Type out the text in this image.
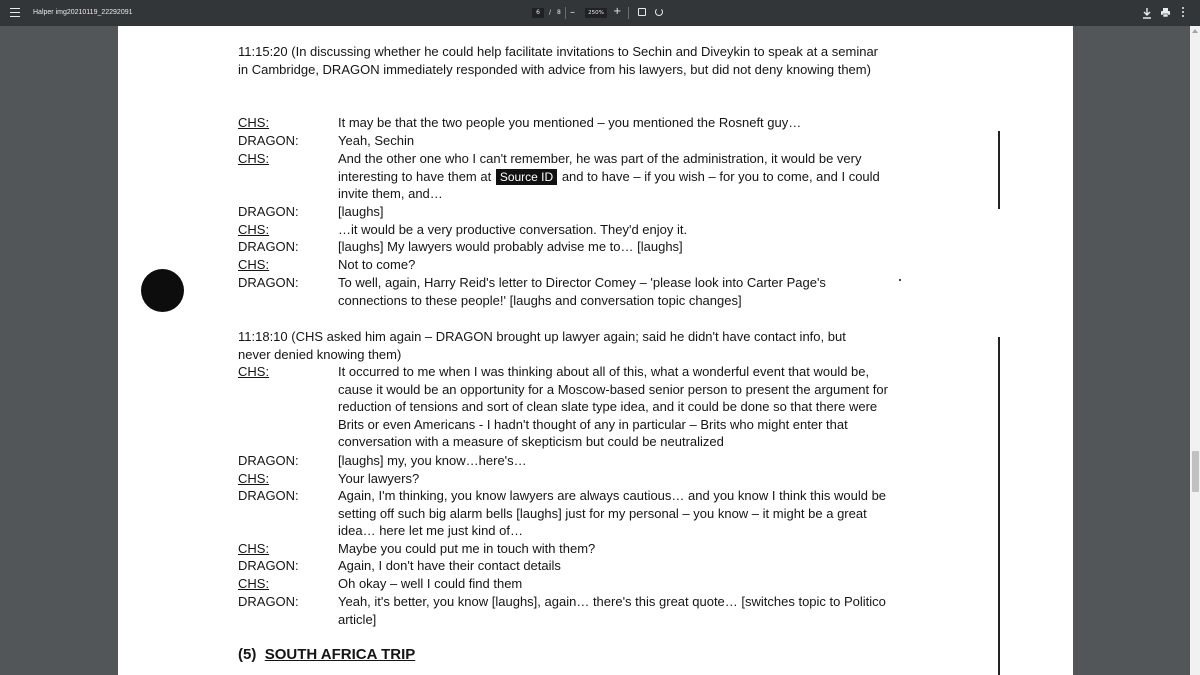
Halper img20210119_22292091	6	/ 8 –	250% +
11:15:20 (In discussing whether he could help facilitate invitations to Sechin and Diveykin to speak at a seminar in Cambridge, DRAGON immediately responded with advice from his lawyers, but did not deny knowing them)
CHS:	It may be that the two people you mentioned – you mentioned the Rosneft guy…
DRAGON:	Yeah, Sechin
CHS:	And the other one who I can't remember, he was part of the administration, it would be very interesting to have them at Source ID and to have – if you wish – for you to come, and I could invite them, and…
DRAGON:	[laughs]
CHS:	…it would be a very productive conversation. They'd enjoy it.
DRAGON:	[laughs] My lawyers would probably advise me to… [laughs]
CHS:	Not to come?
DRAGON:	To well, again, Harry Reid's letter to Director Comey – 'please look into Carter Page's connections to these people!' [laughs and conversation topic changes]
11:18:10 (CHS asked him again – DRAGON brought up lawyer again; said he didn't have contact info, but never denied knowing them)
CHS:	It occurred to me when I was thinking about all of this, what a wonderful event that would be, cause it would be an opportunity for a Moscow-based senior person to present the argument for reduction of tensions and sort of clean slate type idea, and it could be done so that there were Brits or even Americans - I hadn't thought of any in particular – Brits who might enter that conversation with a measure of skepticism but could be neutralized
DRAGON:	[laughs] my, you know…here's…
CHS:	Your lawyers?
DRAGON:	Again, I'm thinking, you know lawyers are always cautious… and you know I think this would be setting off such big alarm bells [laughs] just for my personal – you know – it might be a great idea… here let me just kind of…
CHS:	Maybe you could put me in touch with them?
DRAGON:	Again, I don't have their contact details
CHS:	Oh okay – well I could find them
DRAGON:	Yeah, it's better, you know [laughs], again… there's this great quote… [switches topic to Politico article]
(5) SOUTH AFRICA TRIP
